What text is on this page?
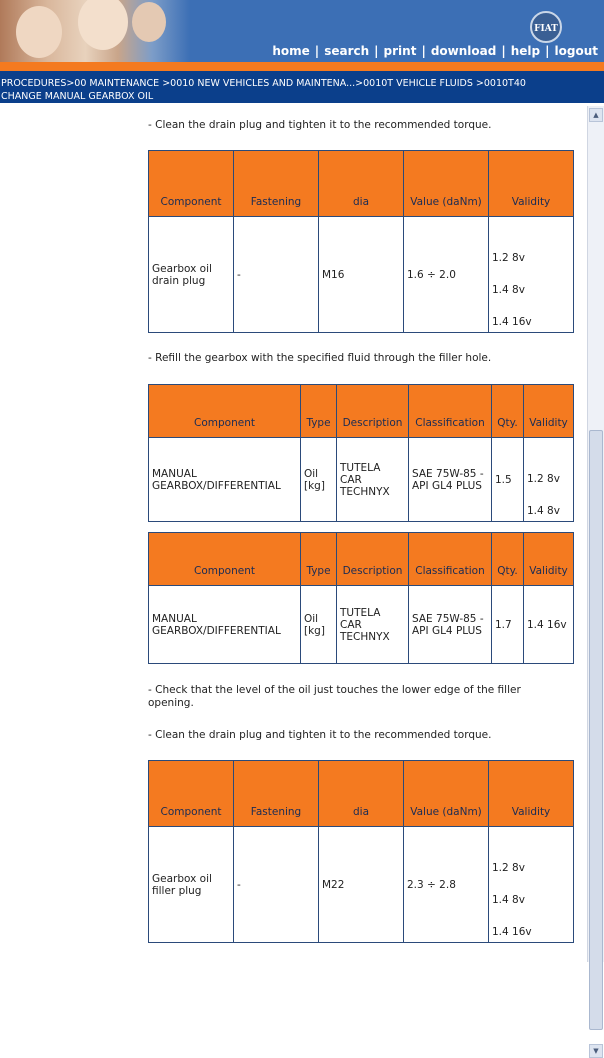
FIAT
home | search | print | download | help | logout
PROCEDURES>00 MAINTENANCE >0010 NEW VEHICLES AND MAINTENA...>0010T VEHICLE FLUIDS >0010T40
CHANGE MANUAL GEARBOX OIL
- Clean the drain plug and tighten it to the recommended torque.
Component	Fastening	dia	Value (daNm)	Validity
Gearbox oil drain plug	-	M16	1.6 ÷ 2.0	1.2 8v
1.4 8v
1.4 16v
- Refill the gearbox with the specified fluid through the filler hole.
Component	Type	Description	Classification	Qty.	Validity
MANUAL GEARBOX/DIFFERENTIAL	Oil [kg]	TUTELA CAR TECHNYX	SAE 75W-85 - API GL4 PLUS	1.5	1.2 8v
1.4 8v
Component	Type	Description	Classification	Qty.	Validity
MANUAL GEARBOX/DIFFERENTIAL	Oil [kg]	TUTELA CAR TECHNYX	SAE 75W-85 - API GL4 PLUS	1.7	1.4 16v
- Check that the level of the oil just touches the lower edge of the filler opening.
- Clean the drain plug and tighten it to the recommended torque.
Component	Fastening	dia	Value (daNm)	Validity
Gearbox oil filler plug	-	M22	2.3 ÷ 2.8	1.2 8v
1.4 8v
1.4 16v
▲
▼
